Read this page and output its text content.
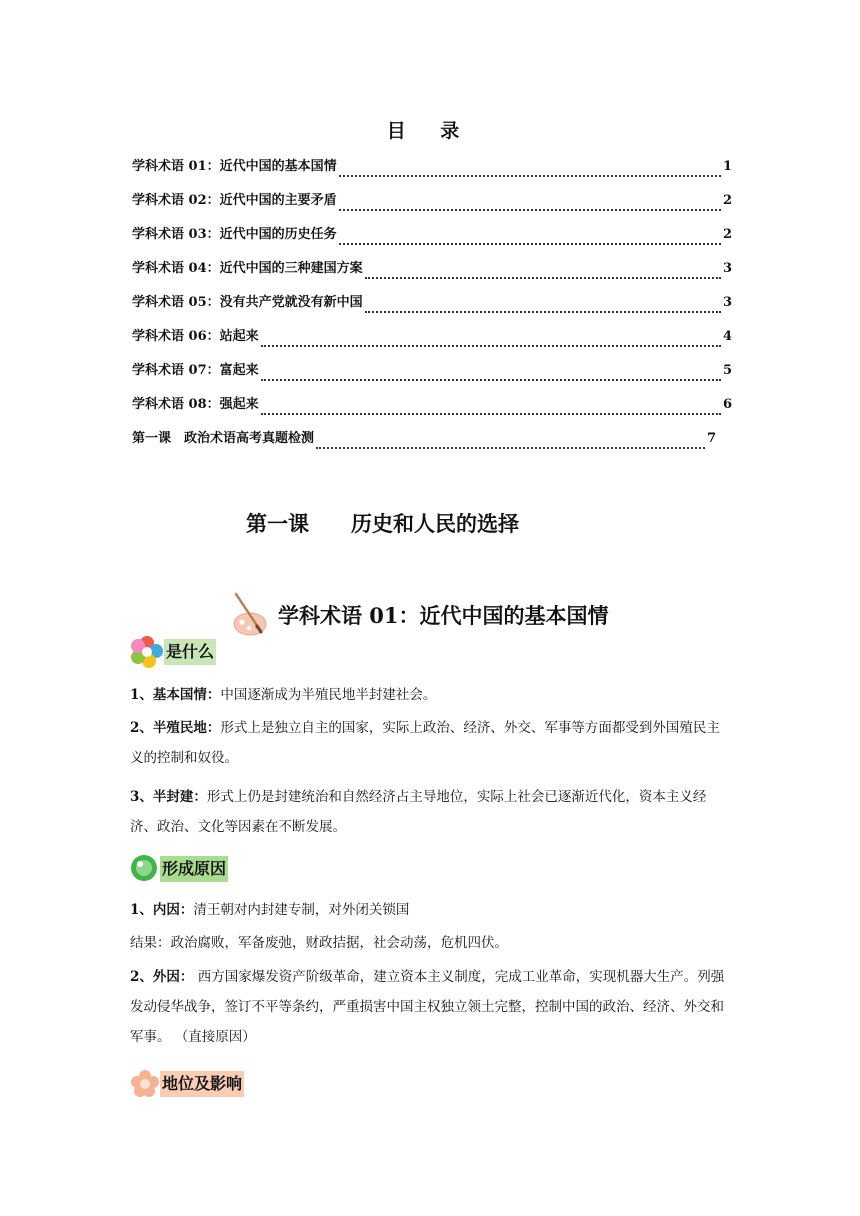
目 录
学科术语 01：近代中国的基本国情	1
学科术语 02：近代中国的主要矛盾	2
学科术语 03：近代中国的历史任务	2
学科术语 04：近代中国的三种建国方案	3
学科术语 05：没有共产党就没有新中国	3
学科术语 06：站起来	4
学科术语 07：富起来	5
学科术语 08：强起来	6
第一课　政治术语高考真题检测	7
第一课　　历史和人民的选择
学科术语 01：近代中国的基本国情
是什么
1、基本国情：中国逐渐成为半殖民地半封建社会。
2、半殖民地：形式上是独立自主的国家，实际上政治、经济、外交、军事等方面都受到外国殖民主义的控制和奴役。
3、半封建：形式上仍是封建统治和自然经济占主导地位，实际上社会已逐渐近代化，资本主义经济、政治、文化等因素在不断发展。
形成原因
1、内因：清王朝对内封建专制，对外闭关锁国
结果：政治腐败，军备废弛，财政拮据，社会动荡，危机四伏。
2、外因： 西方国家爆发资产阶级革命，建立资本主义制度，完成工业革命，实现机器大生产。列强发动侵华战争，签订不平等条约，严重损害中国主权独立领土完整，控制中国的政治、经济、外交和军事。 （直接原因）
地位及影响
